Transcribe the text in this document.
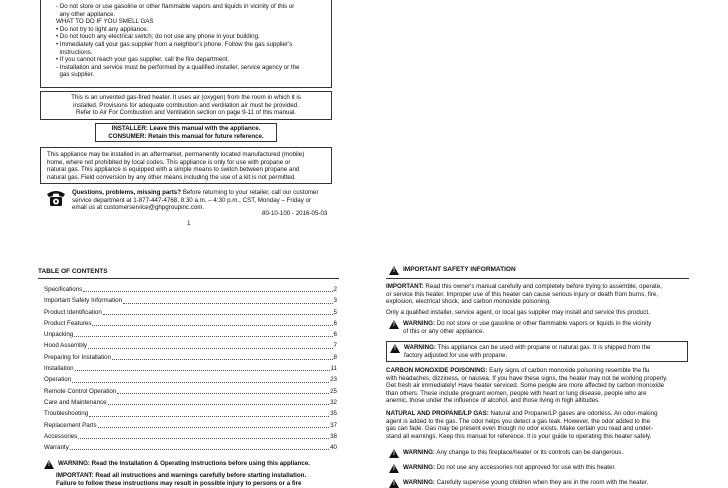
- Do not store or use gasoline or other flammable vapors and liquids in vicinity of this or
any other appliance.
WHAT TO DO IF YOU SMELL GAS
• Do not try to light any appliance.
• Do not touch any electrical switch; do not use any phone in your building.
• Immediately call your gas supplier from a neighbor's phone. Follow the gas supplier's
instructions.
• If you cannot reach your gas supplier, call the fire department.
- Installation and service must be performed by a qualified installer, service agency or the
gas supplier.
This is an unvented gas-fired heater. It uses air (oxygen) from the room in which it is
installed. Provisions for adequate combustion and ventilation air must be provided.
Refer to Air For Combustion and Ventilation section on page 9-11 of this manual.
INSTALLER: Leave this manual with the appliance.
CONSUMER: Retain this manual for future reference.
This appliance may be installed in an aftermarket, permanently located manufactured (mobile)
home, where not prohibited by local codes. This appliance is only for use with propane or
natural gas. This appliance is equipped with a simple means to switch between propane and
natural gas. Field conversion by any other means including the use of a kit is not permitted.
Questions, problems, missing parts? Before returning to your retailer, call our customer
service department at 1-877-447-4768, 8:30 a.m. – 4:30 p.m., CST, Monday – Friday or
email us at customerservice@ghpgroupinc.com.
80-10-100 - 2016-05-03
1
TABLE OF CONTENTS
Specifications	2
Important Safety Information	3
Product Identification	5
Product Features	6
Unpacking	6
Hood Assembly	7
Preparing for Installation	8
Installation	11
Operation	23
Remote Control Operation	25
Care and Maintenance	32
Troubleshooting	35
Replacement Parts	37
Accessories	38
Warranty	40
! WARNING: Read the Installation & Operating Instructions before using this appliance.
IMPORTANT: Read all instructions and warnings carefully before starting installation.
Failure to follow these instructions may result in possible injury to persons or a fire
! IMPORTANT SAFETY INFORMATION
IMPORTANT: Read this owner's manual carefully and completely before trying to assemble, operate,
or service this heater. Improper use of this heater can cause serious injury or death from burns, fire,
explosion, electrical shock, and carbon monoxide poisoning.
Only a qualified installer, service agent, or local gas supplier may install and service this product.
! WARNING: Do not store or use gasoline or other flammable vapors or liquids in the vicinity
of this or any other appliance.
! WARNING: This appliance can be used with propane or natural gas. It is shipped from the
factory adjusted for use with propane.
CARBON MONOXIDE POISONING: Early signs of carbon monoxide poisoning resemble the flu
with headaches, dizziness, or nausea. If you have these signs, the heater may not be working properly.
Get fresh air immediately! Have heater serviced. Some people are more affected by carbon monoxide
than others. These include pregnant women, people with heart or lung disease, people who are
anemic, those under the influence of alcohol, and those living in high altitudes.
NATURAL AND PROPANE/LP GAS: Natural and Propane/LP gases are odorless. An odor-making
agent is added to the gas. The odor helps you detect a gas leak. However, the odor added to the
gas can fade. Gas may be present even though no odor exists. Make certain you read and under-
stand all warnings. Keep this manual for reference. It is your guide to operating this heater safely.
! WARNING: Any change to this fireplace/heater or its controls can be dangerous.
! WARNING: Do not use any accessories not approved for use with this heater.
! WARNING: Carefully supervise young children when they are in the room with the heater.
